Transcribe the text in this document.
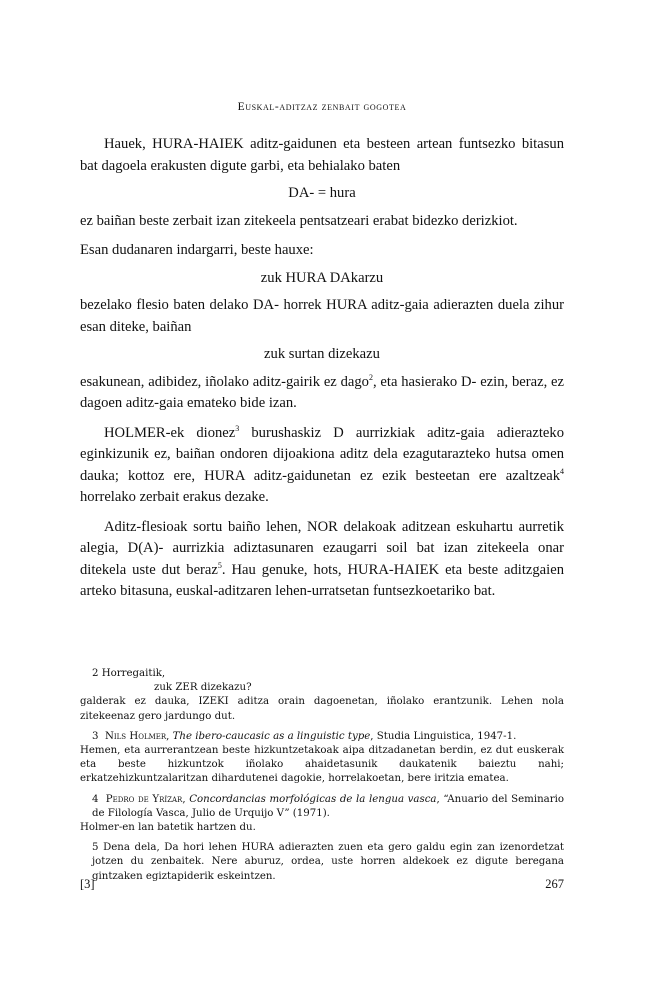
Euskal-aditzaz zenbait gogotea

Hauek, HURA-HAIEK aditz-gaidunen eta besteen artean funtsezko bitasun bat dagoela erakusten digute garbi, eta behialako baten

DA- = hura

ez baiñan beste zerbait izan zitekeela pentsatzeari erabat bidezko derizkiot.

Esan dudanaren indargarri, beste hauxe:

zuk HURA DAkarzu

bezelako flesio baten delako DA- horrek HURA aditz-gaia adierazten duela zihur esan diteke, baiñan

zuk surtan dizekazu

esakunean, adibidez, iñolako aditz-gairik ez dago$^2$, eta hasierako D- ezin, beraz, ez dagoen aditz-gaia emateko bide izan.

HOLMER-ek dionez$^3$ burushaskiz D aurrizkiak aditz-gaia adierazteko eginkizunik ez, baiñan ondoren dijoakiona aditz dela ezagutarazteko hutsa omen dauka; kottoz ere, HURA aditz-gaidunetan ez ezik besteetan ere azaltzeak$^4$ horrelako zerbait erakus dezake.

Aditz-flesioak sortu baiño lehen, NOR delakoak aditzean eskuhartu aurretik alegia, D(A)- aurrizkia adiztasunaren ezaugarri soil bat izan zitekeela onar ditekela uste dut beraz$^5$. Hau genuke, hots, HURA-HAIEK eta beste aditzgaien arteko bitasuna, euskal-aditzaren lehen-urratsetan funtsezkoetariko bat.

2 Horregaitik,

zuk ZER dizekazu?

galderak ez dauka, IZEKI aditza orain dagoenetan, iñolako erantzunik. Lehen nola zitekeenaz gero jardungo dut.

3 Nils Holmer, The ibero-caucasic as a linguistic type, Studia Linguistica, 1947-1.

Hemen, eta aurrerantzean beste hizkuntzetakoak aipa ditzadanetan berdin, ez dut euskerak eta beste hizkuntzok iñolako ahaidetasunik daukatenik baieztu nahi; erkatzehizkuntzalaritzan dihardutenei dagokie, horrelakoetan, bere iritzia ematea.

4 Pedro de Yrízar, Concordancias morfológicas de la lengua vasca, “Anuario del Seminario de Filología Vasca, Julio de Urquijo V” (1971).

Holmer-en lan batetik hartzen du.

5 Dena dela, Da hori lehen HURA adierazten zuen eta gero galdu egin zan izenordetzat jotzen du zenbaitek. Nere aburuz, ordea, uste horren aldekoek ez digute beregana gintzaken egiztapiderik eskeintzen.

[3]	267
